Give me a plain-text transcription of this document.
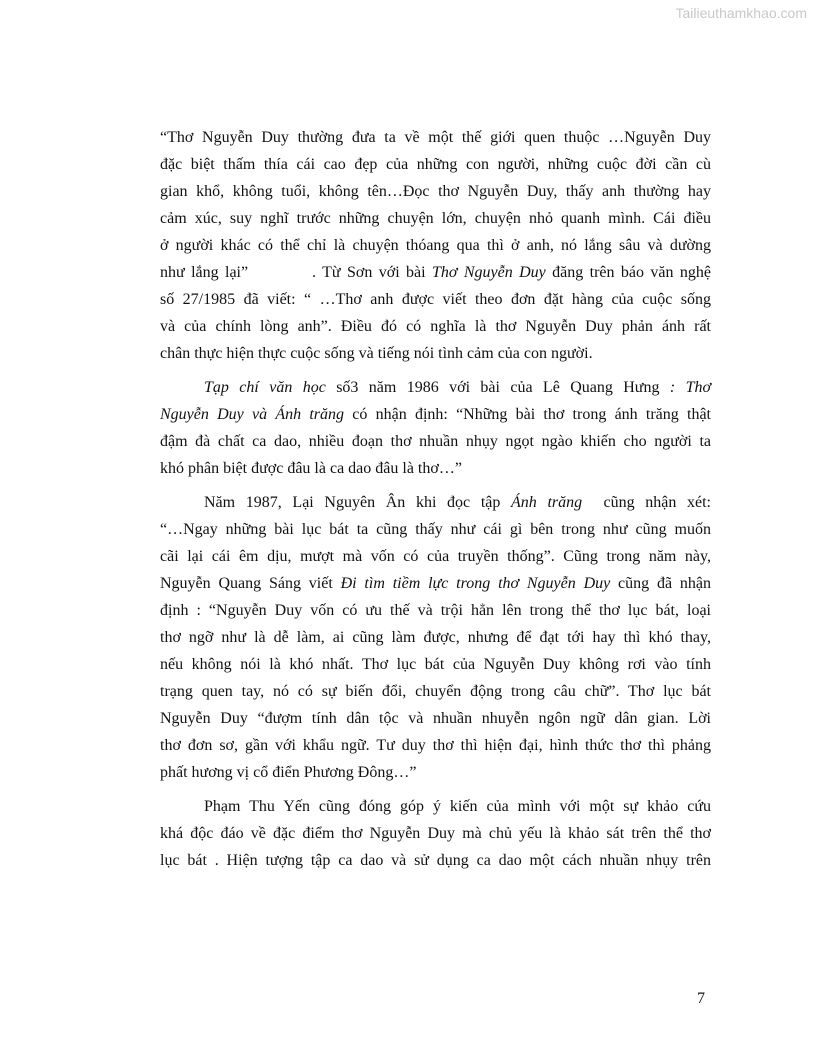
Tailieuthamkhao.com
“Thơ Nguyễn Duy thường đưa ta về một thế giới quen thuộc …Nguyễn Duy
đặc biệt thấm thía cái cao đẹp của những con người, những cuộc đời cần cù
gian khổ, không tuổi, không tên…Đọc thơ Nguyễn Duy, thấy anh thường hay
cảm xúc, suy nghĩ trước những chuyện lớn, chuyện nhỏ quanh mình. Cái điều
ở người khác có thể chỉ là chuyện thóang qua thì ở anh, nó lắng sâu và dường
như lắng lại”          . Từ Sơn với bài Thơ Nguyễn Duy đăng trên báo văn nghệ
số 27/1985 đã viết: “ …Thơ anh được viết theo đơn đặt hàng của cuộc sống
và của chính lòng anh”. Điều đó có nghĩa là thơ Nguyễn Duy phản ánh rất
chân thực hiện thực cuộc sống và tiếng nói tình cảm của con người.
Tạp chí văn học số3 năm 1986 với bài của Lê Quang Hưng : Thơ
Nguyễn Duy và Ánh trăng có nhận định: “Những bài thơ trong ánh trăng thật
đậm đà chất ca dao, nhiều đoạn thơ nhuần nhụy ngọt ngào khiến cho người ta
khó phân biệt được đâu là ca dao đâu là thơ…”
Năm 1987, Lại Nguyên Ân khi đọc tập Ánh trăng  cũng nhận xét:
“…Ngay những bài lục bát ta cũng thấy như cái gì bên trong như cũng muốn
cãi lại cái êm dịu, mượt mà vốn có của truyền thống”. Cũng trong năm này,
Nguyễn Quang Sáng viết Đi tìm tiềm lực trong thơ Nguyễn Duy cũng đã nhận
định : “Nguyễn Duy vốn có ưu thế và trội hẳn lên trong thể thơ lục bát, loại
thơ ngỡ như là dễ làm, ai cũng làm được, nhưng để đạt tới hay thì khó thay,
nếu không nói là khó nhất. Thơ lục bát của Nguyễn Duy không rơi vào tính
trạng quen tay, nó có sự biến đổi, chuyển động trong câu chữ”. Thơ lục bát
Nguyễn Duy “đượm tính dân tộc và nhuần nhuyễn ngôn ngữ dân gian. Lời
thơ đơn sơ, gần với khẩu ngữ. Tư duy thơ thì hiện đại, hình thức thơ thì phảng
phất hương vị cổ điển Phương Đông…”
Phạm Thu Yến cũng đóng góp ý kiến của mình với một sự khảo cứu
khá độc đáo về đặc điểm thơ Nguyễn Duy mà chủ yếu là khảo sát trên thể thơ
lục bát . Hiện tượng tập ca dao và sử dụng ca dao một cách nhuần nhụy trên
7
